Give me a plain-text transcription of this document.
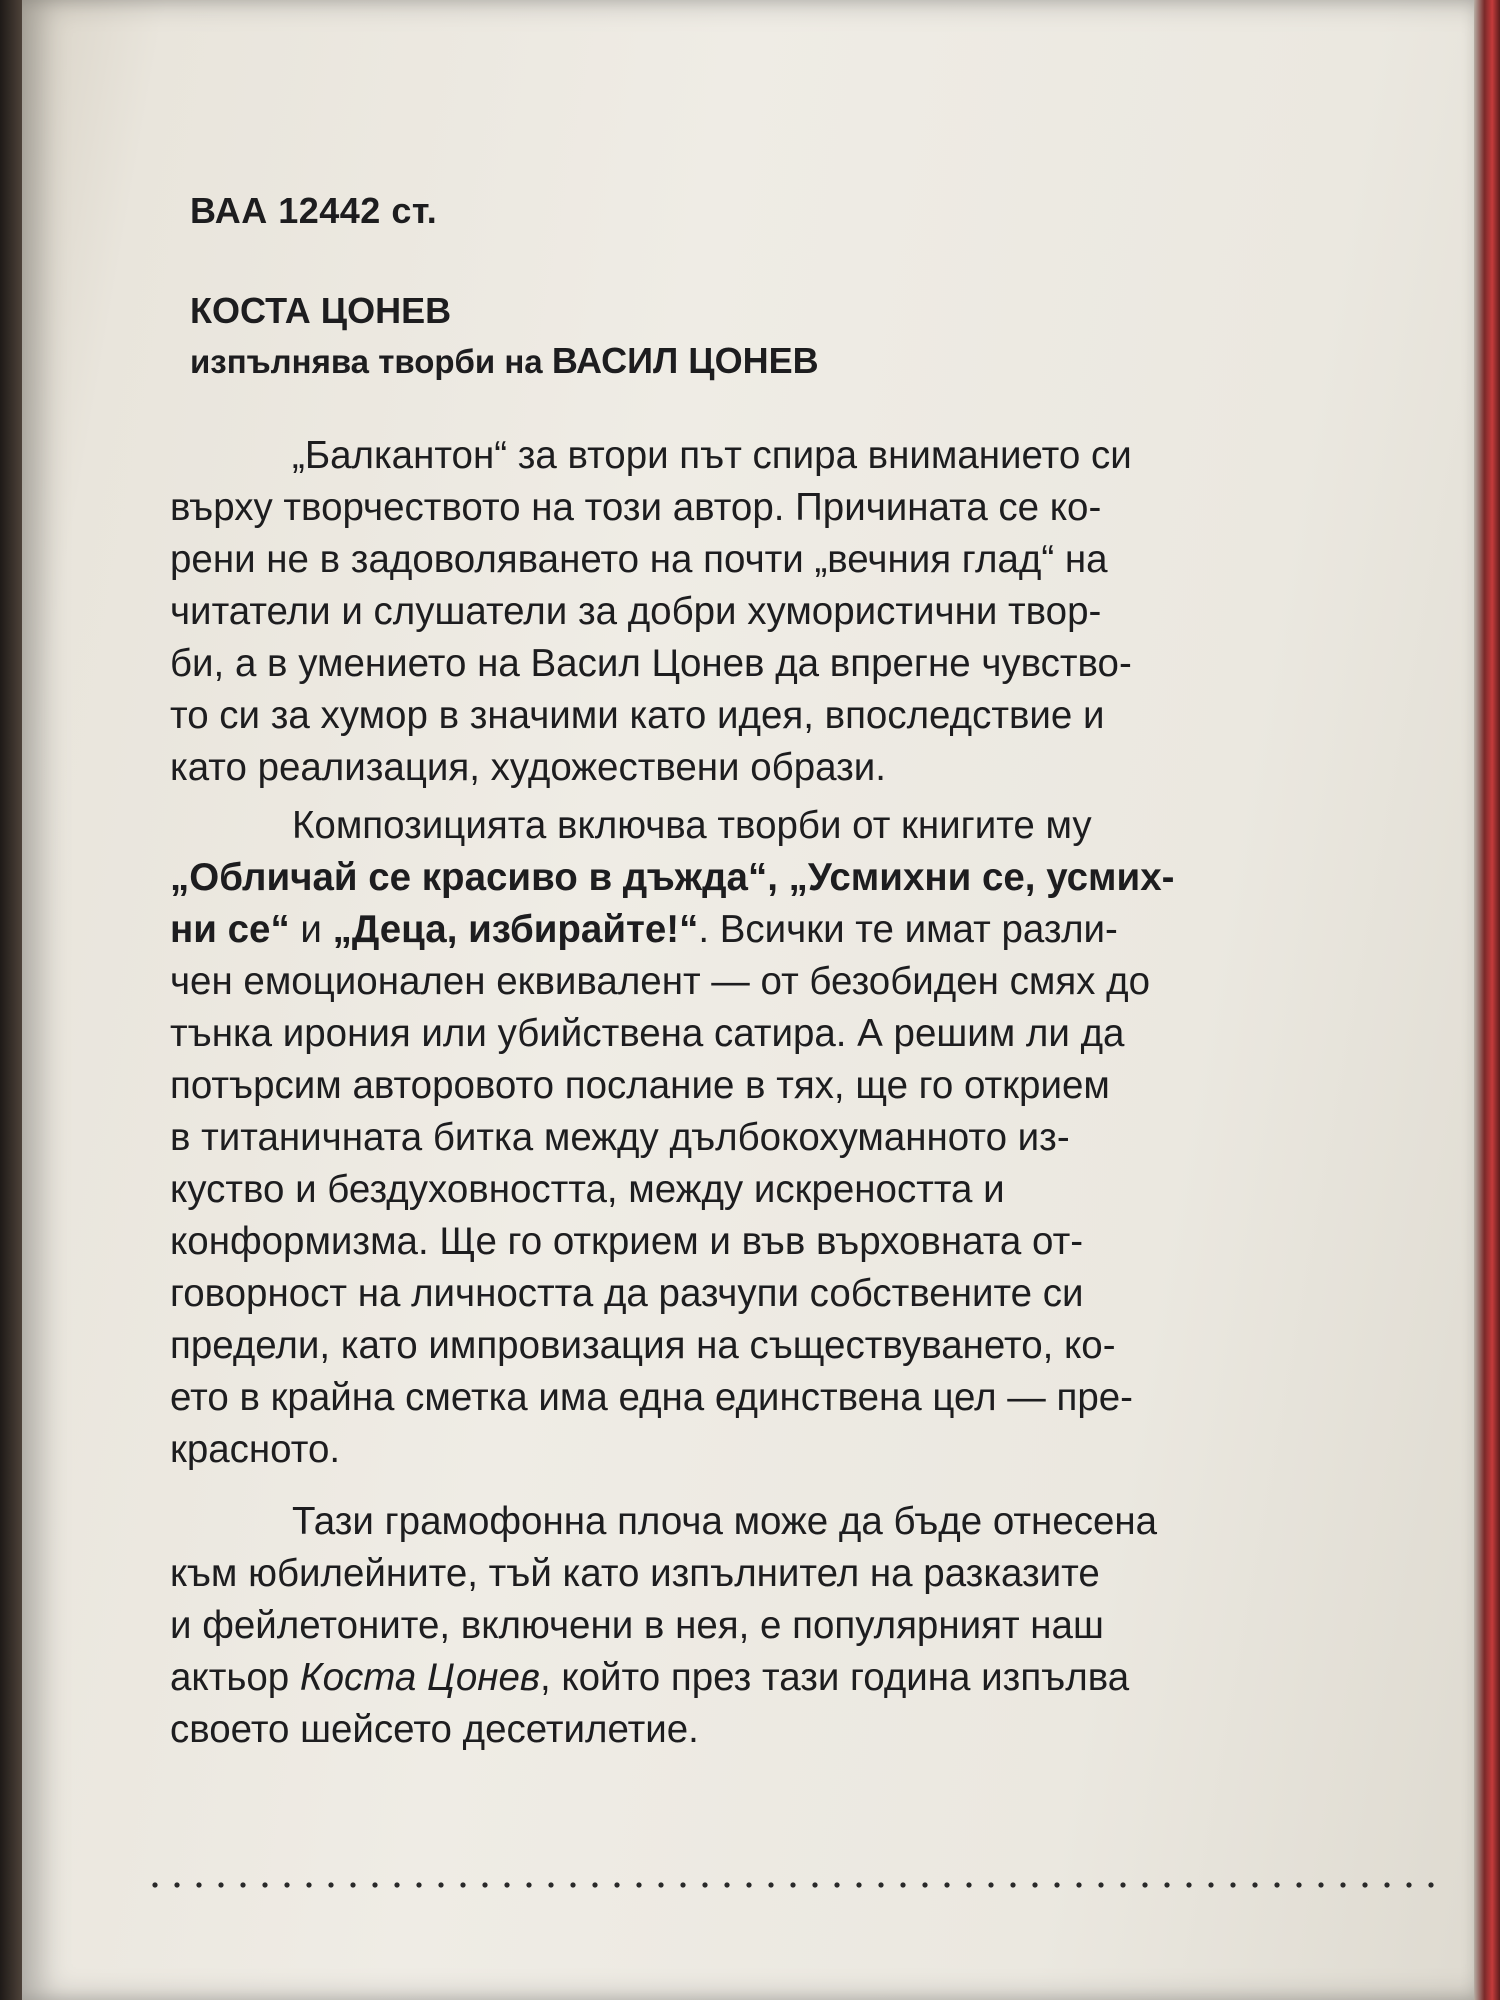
ВАА 12442 ст.
КОСТА ЦОНЕВ
изпълнява творби на ВАСИЛ ЦОНЕВ
„Балкантон“ за втори път спира вниманието си
върху творчеството на този автор. Причината се ко-
рени не в задоволяването на почти „вечния глад“ на
читатели и слушатели за добри хумористични твор-
би, а в умението на Васил Цонев да впрегне чувство-
то си за хумор в значими като идея, впоследствие и
като реализация, художествени образи.
Композицията включва творби от книгите му
„Обличай се красиво в дъжда“, „Усмихни се, усмих-
ни се“ и „Деца, избирайте!“. Всички те имат разли-
чен емоционален еквивалент — от безобиден смях до
тънка ирония или убийствена сатира. А решим ли да
потърсим авторовото послание в тях, ще го открием
в титаничната битка между дълбокохуманното из-
куство и бездуховността, между искреността и
конформизма. Ще го открием и във върховната от-
говорност на личността да разчупи собствените си
предели, като импровизация на съществуването, ко-
ето в крайна сметка има една единствена цел — пре-
красното.
Тази грамофонна плоча може да бъде отнесена
към юбилейните, тъй като изпълнител на разказите
и фейлетоните, включени в нея, е популярният наш
актьор Коста Цонев, който през тази година изпълва
своето шейсето десетилетие.
